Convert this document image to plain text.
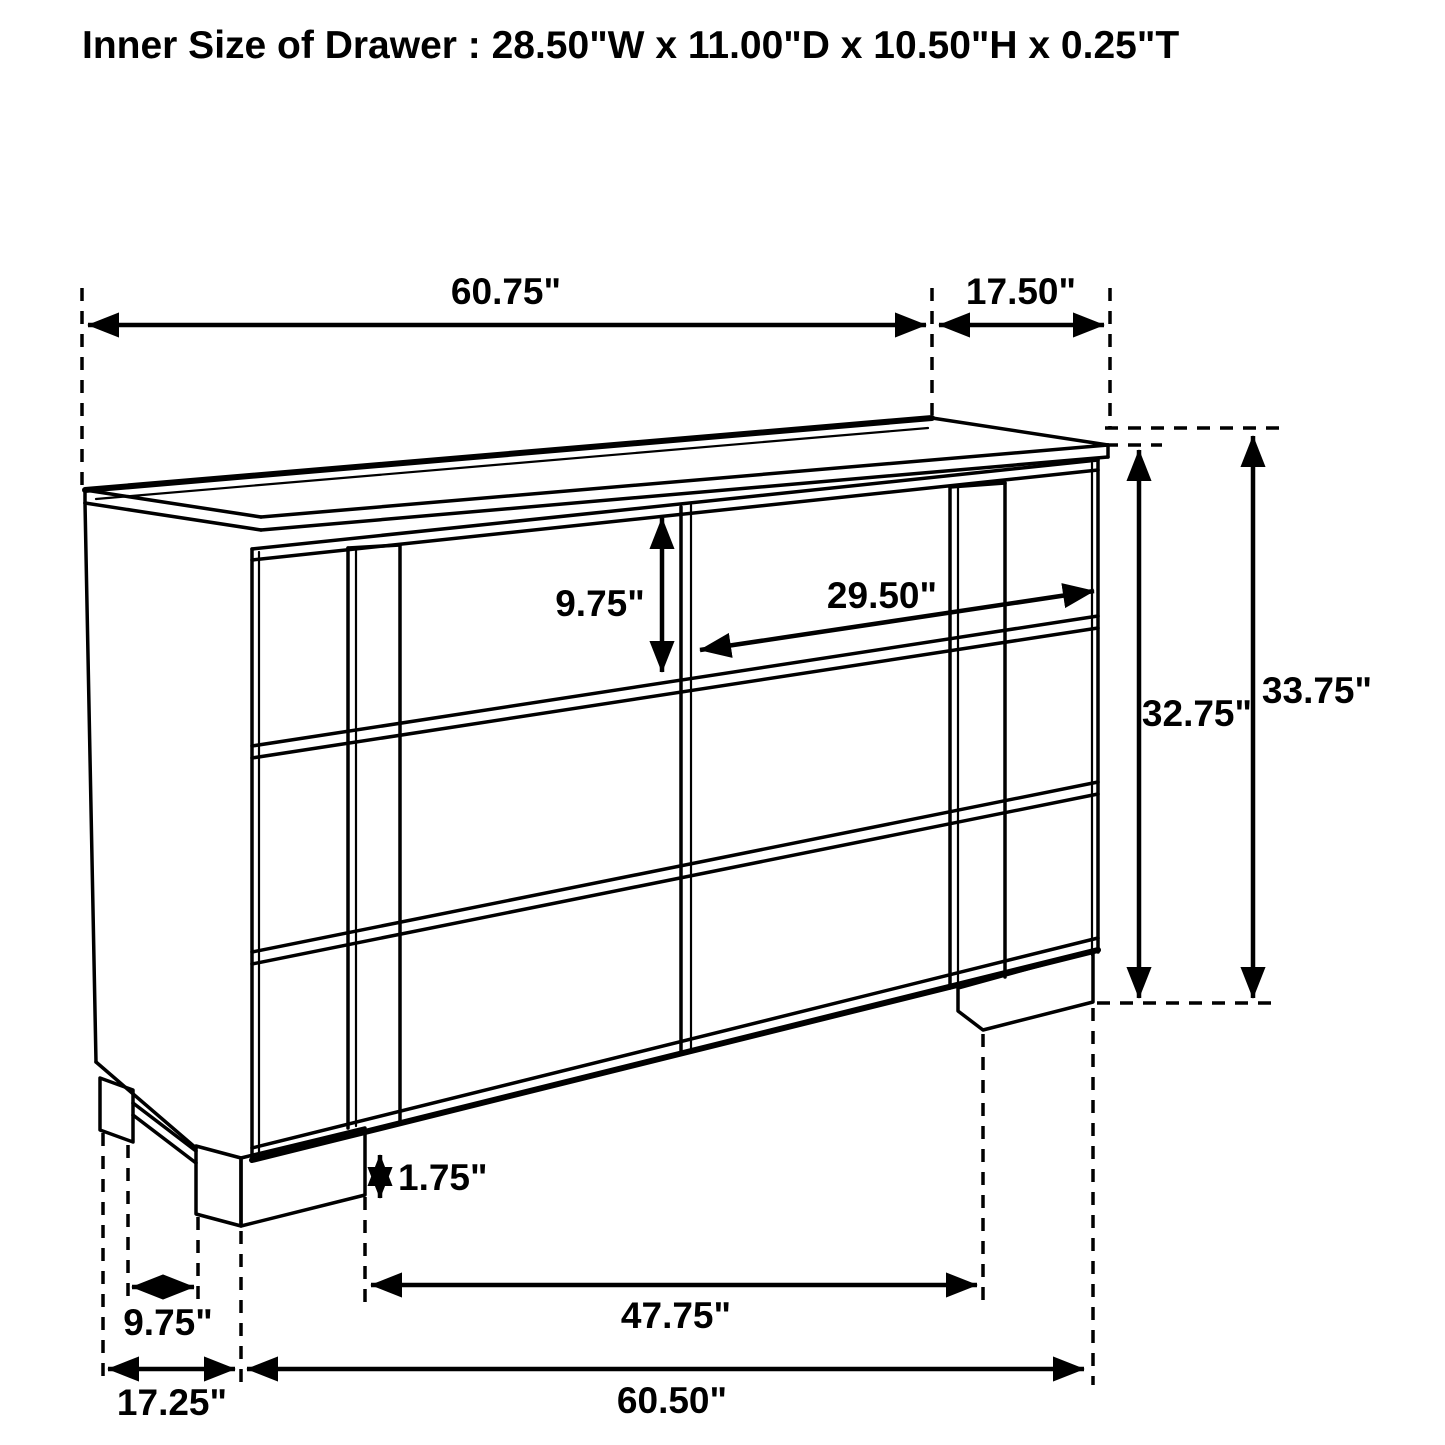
Inner Size of Drawer : 28.50"W x 11.00"D x 10.50"H x 0.25"T
60.75"	17.50"
9.75"	29.50"
33.75"
32.75"
1.75"
9.75"
17.25"
47.75"
60.50"
